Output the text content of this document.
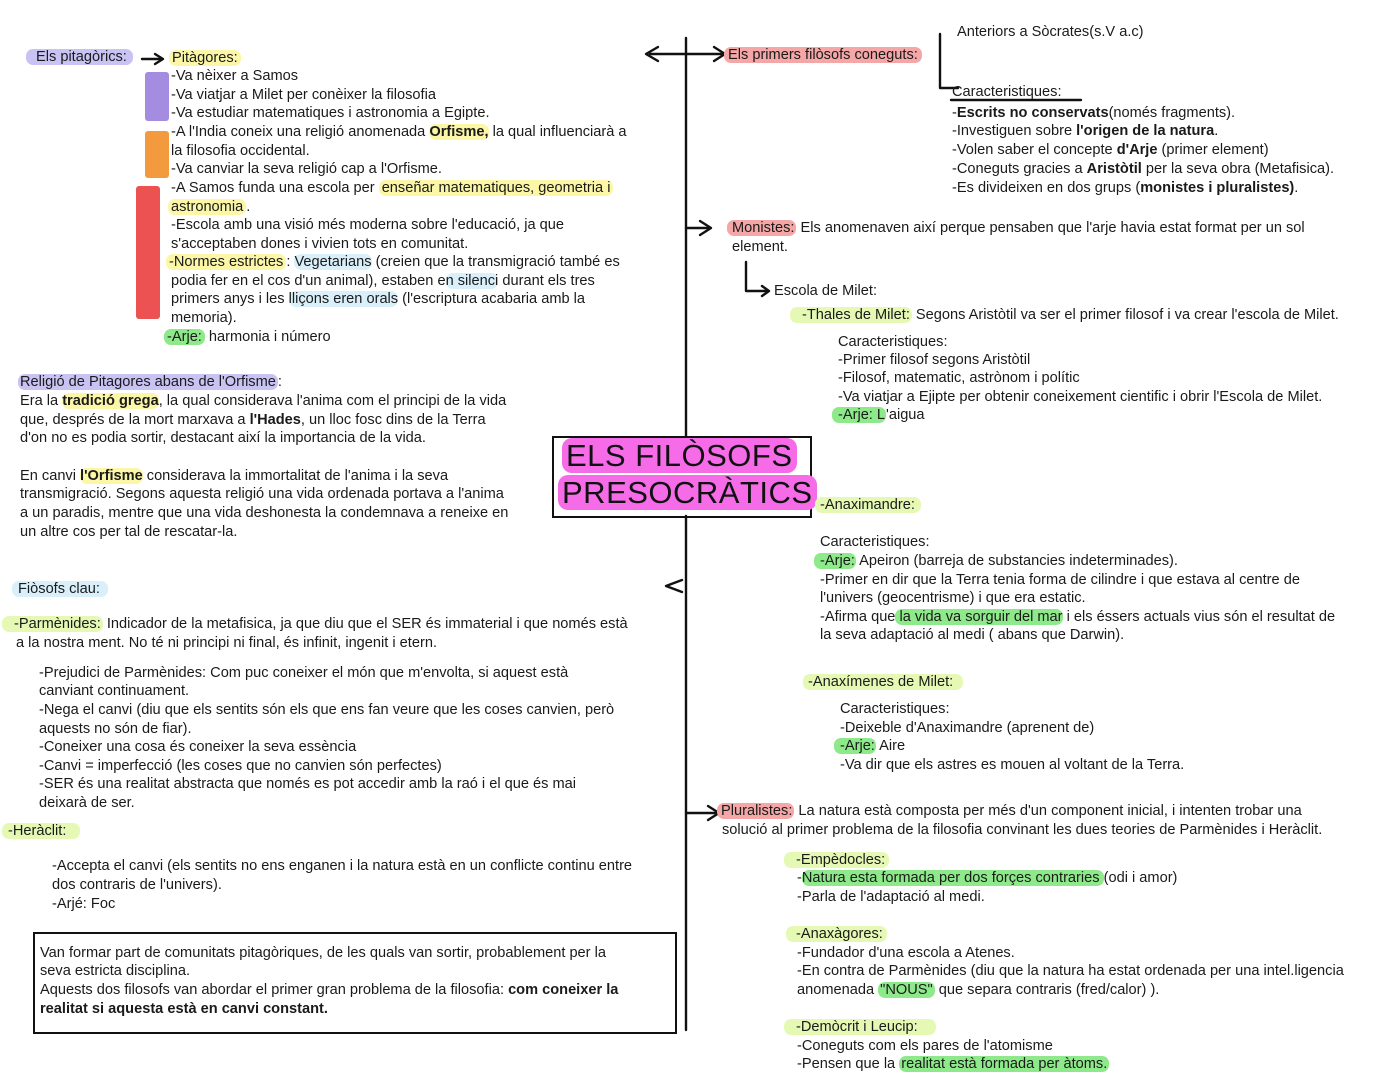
ELS FILÒSOFS
PRESOCRÀTICS
Els pitagòrics:	Pitàgores:
-Va nèixer a Samos
-Va viatjar a Milet per conèixer la filosofia
-Va estudiar matematiques i astronomia a Egipte.
-A l'India coneix una religió anomenada Orfisme, la qual influenciarà a
la filosofia occidental.
-Va canviar la seva religió cap a l'Orfisme.
-A Samos funda una escola per enseñar matematiques, geometria i
astronomia .
-Escola amb una visió més moderna sobre l'educació, ja que
s'acceptaben dones i vivien tots en comunitat.
-Normes estrictes : Vegetarians (creien que la transmigració també es
podia fer en el cos d'un animal), estaben en silenci durant els tres
primers anys i les lliçons eren orals (l'escriptura acabaria amb la
memoria).
-Arje: harmonia i número
Religió de Pitagores abans de l'Orfisme :
Era la tradició grega, la qual considerava l'anima com el principi de la vida
que, després de la mort marxava a l'Hades, un lloc fosc dins de la Terra
d'on no es podia sortir, destacant així la importancia de la vida.
En canvi l'Orfisme considerava la immortalitat de l'anima i la seva
transmigració. Segons aquesta religió una vida ordenada portava a l'anima
a un paradis, mentre que una vida deshonesta la condemnava a reneixe en
un altre cos per tal de rescatar-la.
Fiòsofs clau:
-Parmènides: Indicador de la metafisica, ja que diu que el SER és immaterial i que només està
a la nostra ment. No té ni principi ni final, és infinit, ingenit i etern.
-Prejudici de Parmènides: Com puc coneixer el món que m'envolta, si aquest està
canviant continuament.
-Nega el canvi (diu que els sentits són els que ens fan veure que les coses canvien, però
aquests no són de fiar).
-Coneixer una cosa és coneixer la seva essència
-Canvi = imperfecció (les coses que no canvien són perfectes)
-SER és una realitat abstracta que només es pot accedir amb la raó i el que és mai
deixarà de ser.
-Heràclit:
-Accepta el canvi (els sentits no ens enganen i la natura està en un conflicte continu entre
dos contraris de l'univers).
-Arjé: Foc
Van formar part de comunitats pitagòriques, de les quals van sortir, probablement per la
seva estricta disciplina.
Aquests dos filosofs van abordar el primer gran problema de la filosofia: com coneixer la
realitat si aquesta està en canvi constant.
Els primers filòsofs coneguts:
Anteriors a Sòcrates(s.V a.c)
Caracteristiques:
-Escrits no conservats(només fragments).
-Investiguen sobre l'origen de la natura.
-Volen saber el concepte d'Arje (primer element)
-Coneguts gracies a Aristòtil per la seva obra (Metafisica).
-Es divideixen en dos grups (monistes i pluralistes).
Monistes: Els anomenaven així perque pensaben que l'arje havia estat format per un sol
element.
Escola de Milet:
-Thales de Milet: Segons Aristòtil va ser el primer filosof i va crear l'escola de Milet.
Caracteristiques:
-Primer filosof segons Aristòtil
-Filosof, matematic, astrònom i polític
-Va viatjar a Ejipte per obtenir coneixement cientific i obrir l'Escola de Milet.
-Arje: L'aigua
-Anaximandre:
Caracteristiques:
-Arje: Apeiron (barreja de substancies indeterminades).
-Primer en dir que la Terra tenia forma de cilindre i que estava al centre de
l'univers (geocentrisme) i que era estatic.
-Afirma que la vida va sorguir del mar i els éssers actuals vius són el resultat de
la seva adaptació al medi ( abans que Darwin).
-Anaxímenes de Milet:
Caracteristiques:
-Deixeble d'Anaximandre (aprenent de)
-Arje: Aire
-Va dir que els astres es mouen al voltant de la Terra.
Pluralistes: La natura està composta per més d'un component inicial, i intenten trobar una
solució al primer problema de la filosofia convinant les dues teories de Parmènides i Heràclit.
-Empèdocles:
-Natura esta formada per dos forçes contraries (odi i amor)
-Parla de l'adaptació al medi.
-Anaxàgores:
-Fundador d'una escola a Atenes.
-En contra de Parmènides (diu que la natura ha estat ordenada per una intel.ligencia
anomenada "NOUS" que separa contraris (fred/calor) ).
-Demòcrit i Leucip:
-Coneguts com els pares de l'atomisme
-Pensen que la realitat està formada per àtoms.
